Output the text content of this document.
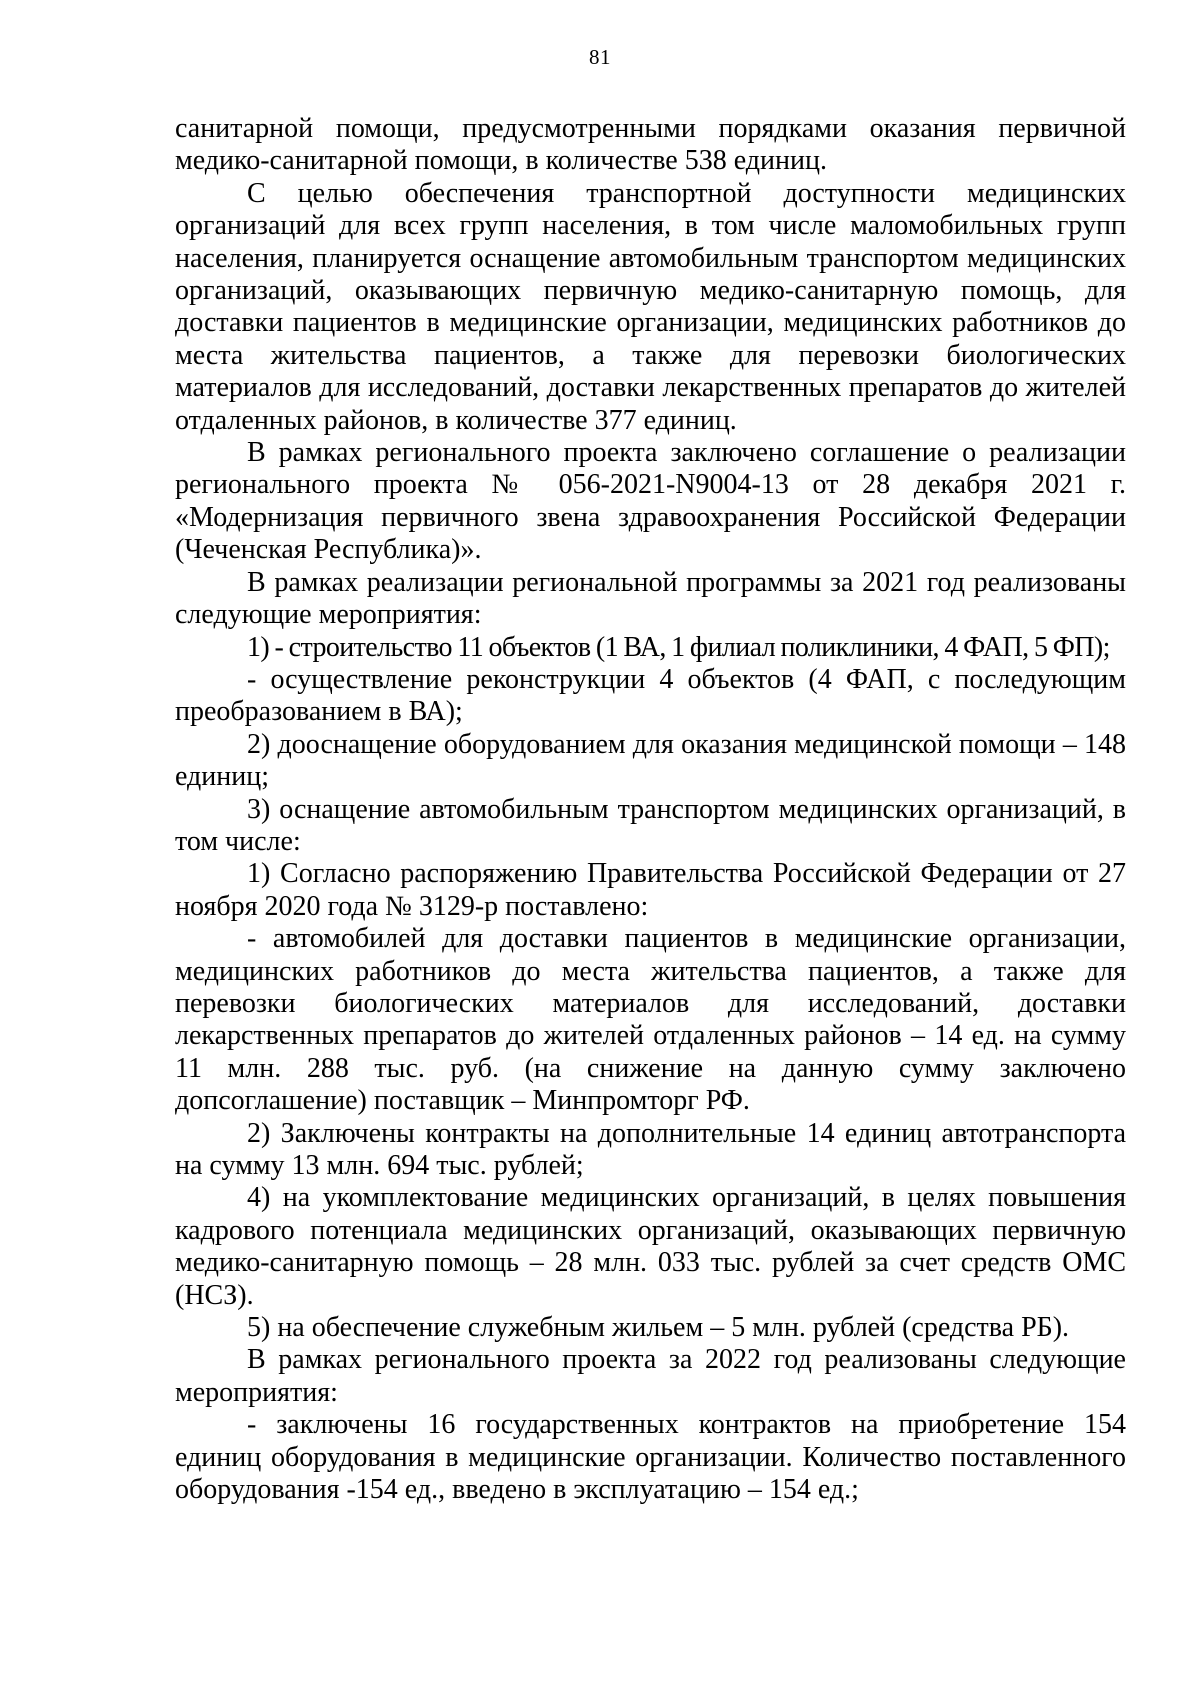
81

санитарной помощи, предусмотренными порядками оказания первичной медико-санитарной помощи, в количестве 538 единиц.

С целью обеспечения транспортной доступности медицинских организаций для всех групп населения, в том числе маломобильных групп населения, планируется оснащение автомобильным транспортом медицинских организаций, оказывающих первичную медико-санитарную помощь, для доставки пациентов в медицинские организации, медицинских работников до места жительства пациентов, а также для перевозки биологических материалов для исследований, доставки лекарственных препаратов до жителей отдаленных районов, в количестве 377 единиц.

В рамках регионального проекта заключено соглашение о реализации регионального проекта № 056-2021-N9004-13 от 28 декабря 2021 г. «Модернизация первичного звена здравоохранения Российской Федерации (Чеченская Республика)».

В рамках реализации региональной программы за 2021 год реализованы следующие мероприятия:

1) - строительство 11 объектов (1 ВА, 1 филиал поликлиники, 4 ФАП, 5 ФП);

- осуществление реконструкции 4 объектов (4 ФАП, с последующим преобразованием в ВА);

2) дооснащение оборудованием для оказания медицинской помощи – 148 единиц;

3) оснащение автомобильным транспортом медицинских организаций, в том числе:

1) Согласно распоряжению Правительства Российской Федерации от 27 ноября 2020 года № 3129-р поставлено:

- автомобилей для доставки пациентов в медицинские организации, медицинских работников до места жительства пациентов, а также для перевозки биологических материалов для исследований, доставки лекарственных препаратов до жителей отдаленных районов – 14 ед. на сумму 11 млн. 288 тыс. руб. (на снижение на данную сумму заключено допсоглашение) поставщик – Минпромторг РФ.

2) Заключены контракты на дополнительные 14 единиц автотранспорта на сумму 13 млн. 694 тыс. рублей;

4) на укомплектование медицинских организаций, в целях повышения кадрового потенциала медицинских организаций, оказывающих первичную медико-санитарную помощь – 28 млн. 033 тыс. рублей за счет средств ОМС (НСЗ).

5) на обеспечение служебным жильем – 5 млн. рублей (средства РБ).

В рамках регионального проекта за 2022 год реализованы следующие мероприятия:

- заключены 16 государственных контрактов на приобретение 154 единиц оборудования в медицинские организации. Количество поставленного оборудования -154 ед., введено в эксплуатацию – 154 ед.;
